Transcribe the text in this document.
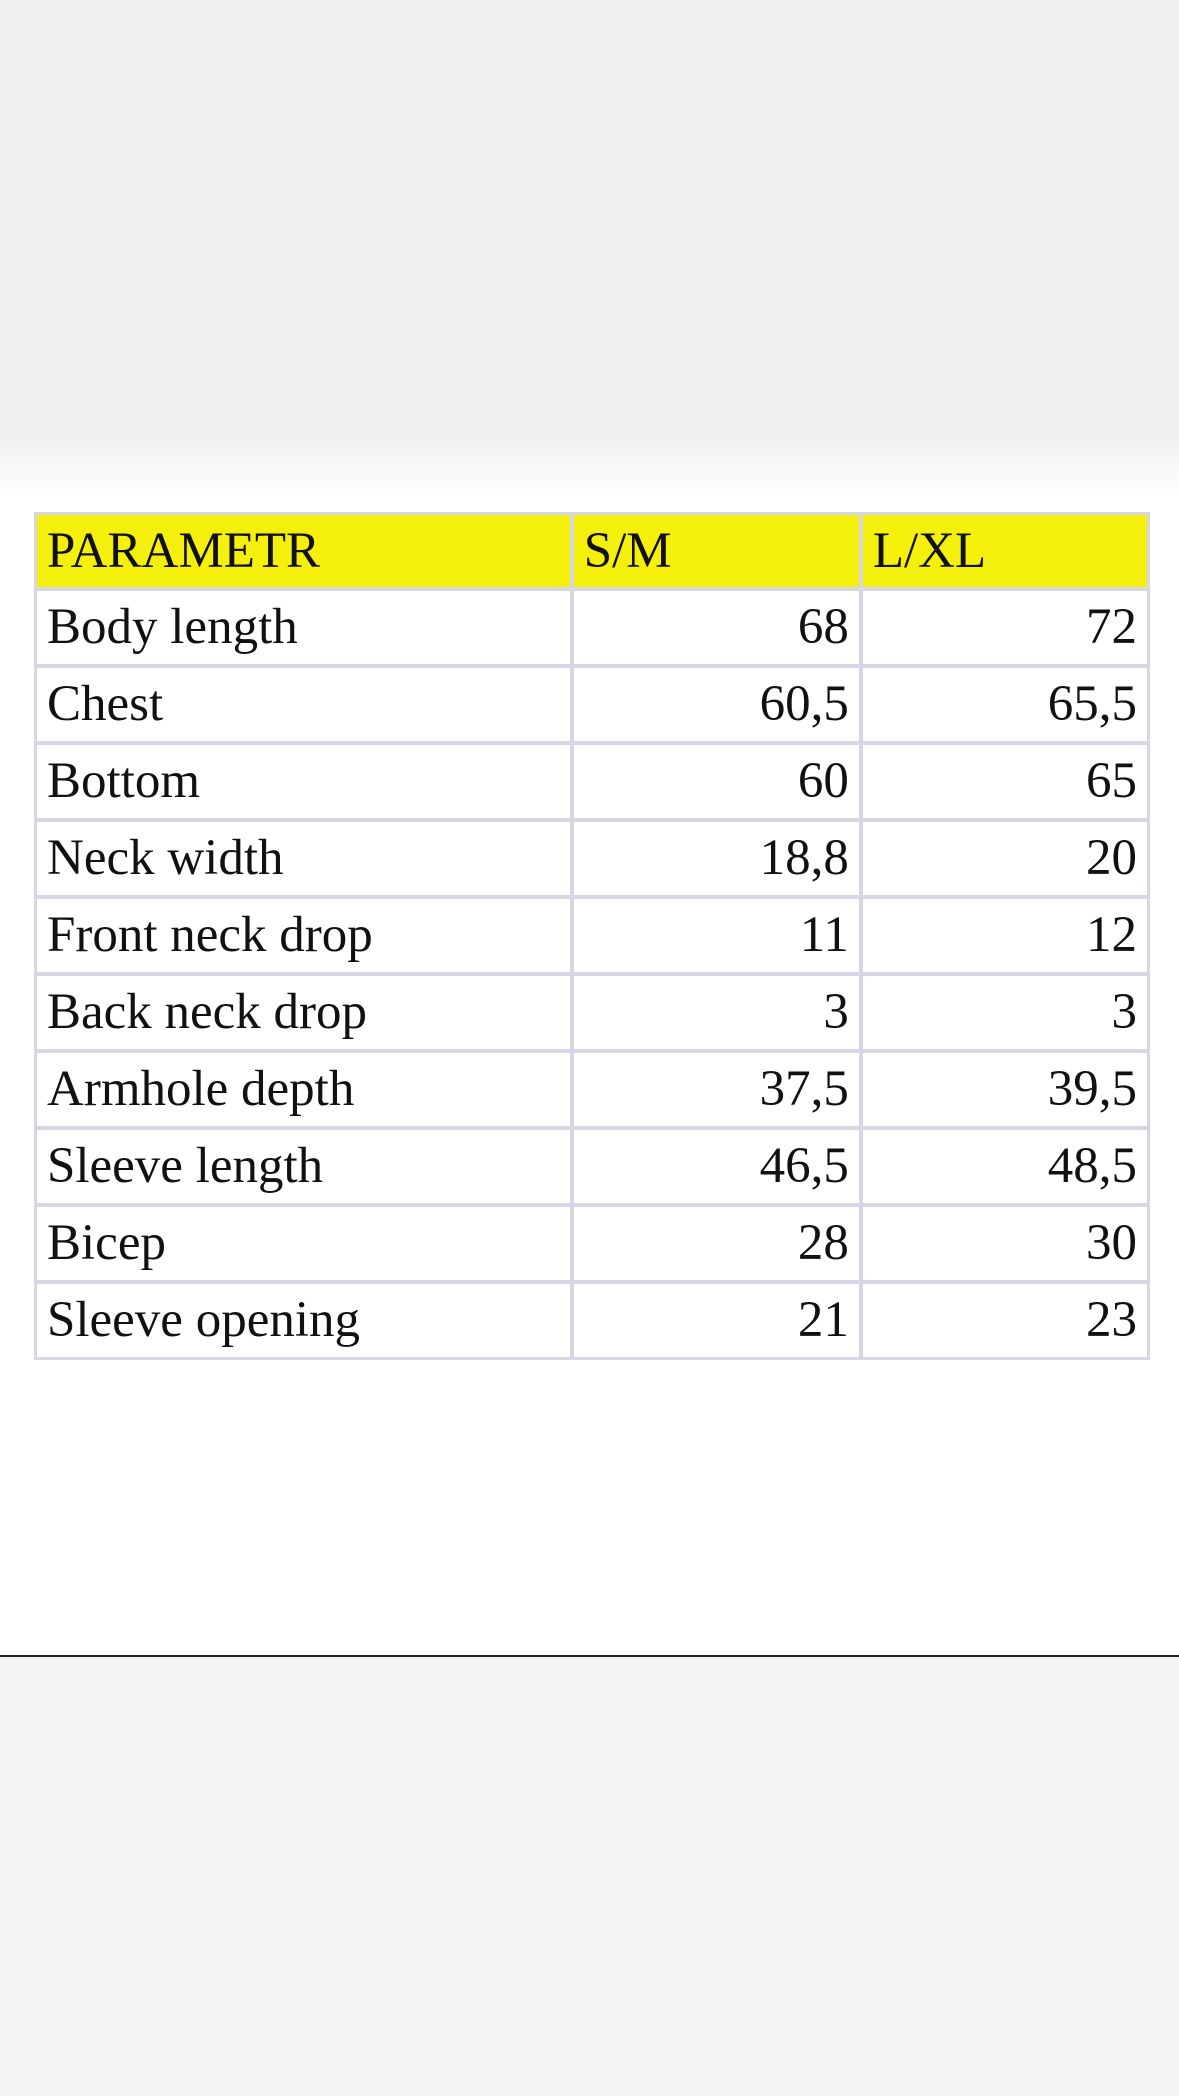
PARAMETR	S/M	L/XL
Body length	68	72
Chest	60,5	65,5
Bottom	60	65
Neck width	18,8	20
Front neck drop	11	12
Back neck drop	3	3
Armhole depth	37,5	39,5
Sleeve length	46,5	48,5
Bicep	28	30
Sleeve opening	21	23
